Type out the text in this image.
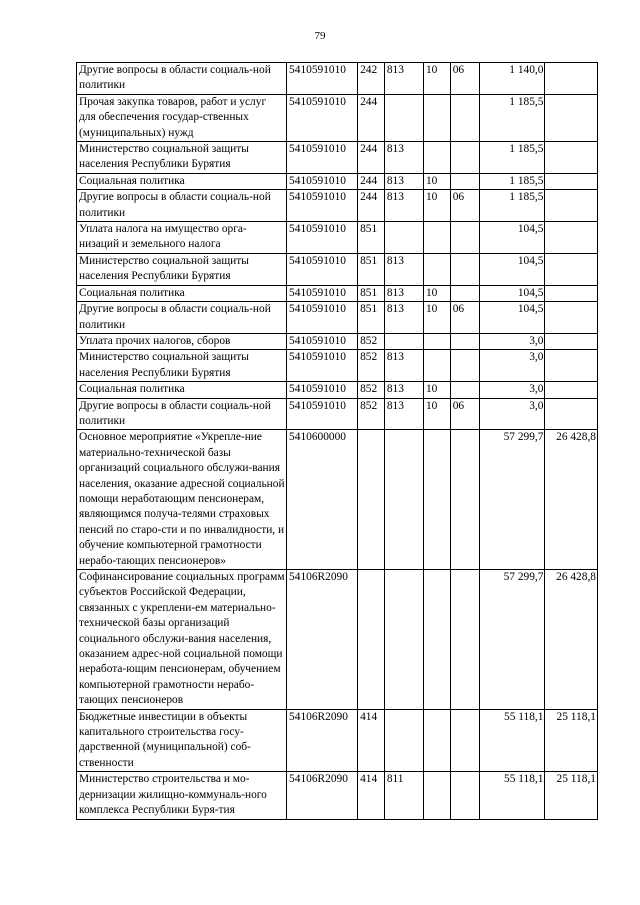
79
Другие вопросы в области социаль-ной политики	5410591010	242	813	10	06	1 140,0	
Прочая закупка товаров, работ и услуг для обеспечения государ-ственных (муниципальных) нужд	5410591010	244				1 185,5	
Министерство социальной защиты населения Республики Бурятия	5410591010	244	813			1 185,5	
Социальная политика	5410591010	244	813	10		1 185,5	
Другие вопросы в области социаль-ной политики	5410591010	244	813	10	06	1 185,5	
Уплата налога на имущество орга-низаций и земельного налога	5410591010	851				104,5	
Министерство социальной защиты населения Республики Бурятия	5410591010	851	813			104,5	
Социальная политика	5410591010	851	813	10		104,5	
Другие вопросы в области социаль-ной политики	5410591010	851	813	10	06	104,5	
Уплата прочих налогов, сборов	5410591010	852				3,0	
Министерство социальной защиты населения Республики Бурятия	5410591010	852	813			3,0	
Социальная политика	5410591010	852	813	10		3,0	
Другие вопросы в области социаль-ной политики	5410591010	852	813	10	06	3,0	
Основное мероприятие «Укрепле-ние материально-технической базы организаций социального обслужи-вания населения, оказание адресной социальной помощи неработающим пенсионерам, являющимся получа-телями страховых пенсий по старо-сти и по инвалидности, и обучение компьютерной грамотности нерабо-тающих пенсионеров»	5410600000					57 299,7	26 428,8
Софинансирование социальных программ субъектов Российской Федерации, связанных с укреплени-ем материально-технической базы организаций социального обслужи-вания населения, оказанием адрес-ной социальной помощи неработа-ющим пенсионерам, обучением компьютерной грамотности нерабо-тающих пенсионеров	54106R2090					57 299,7	26 428,8
Бюджетные инвестиции в объекты капитального строительства госу-дарственной (муниципальной) соб-ственности	54106R2090	414				55 118,1	25 118,1
Министерство строительства и мо-дернизации жилищно-коммуналь-ного комплекса Республики Буря-тия	54106R2090	414	811			55 118,1	25 118,1
